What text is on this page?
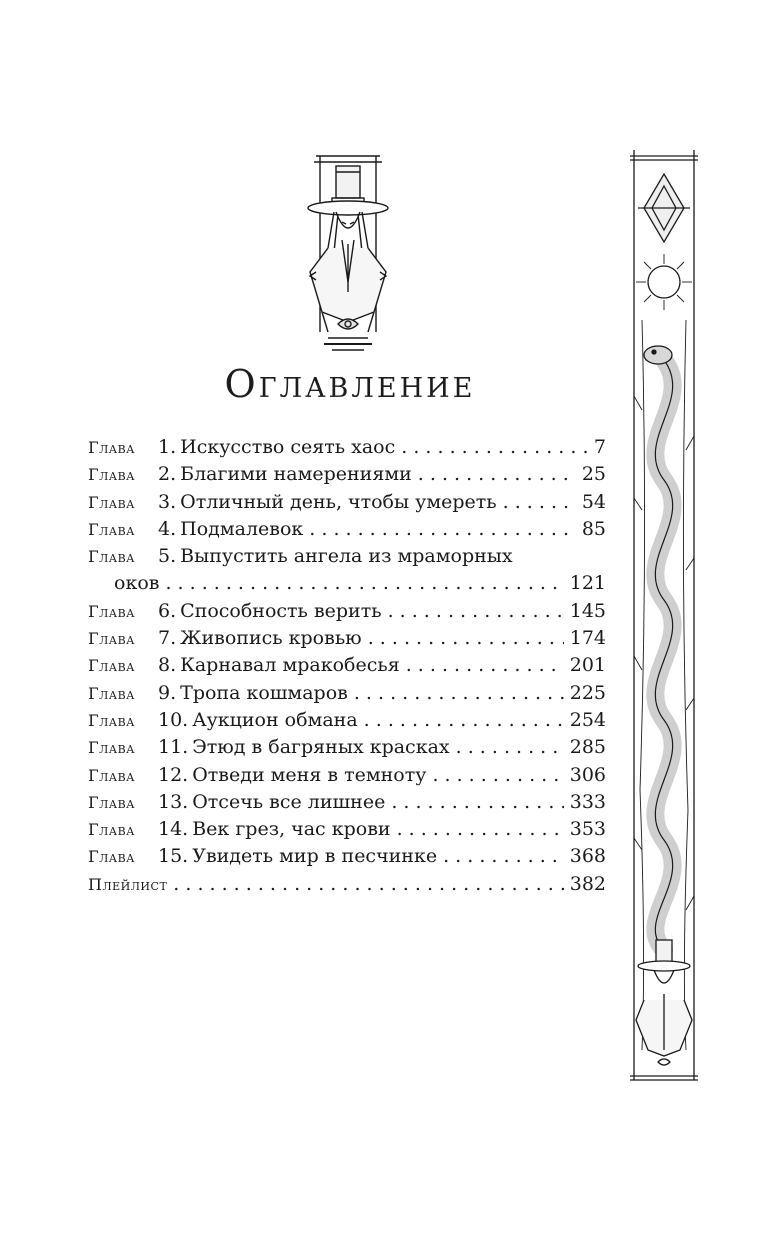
Оглавление
Глава	1. Искусство сеять хаос . . .	7
Глава	2. Благими намерениями . . .	25
Глава	3. Отличный день, чтобы умереть . . .	54
Глава	4. Подмалевок . . .	85
Глава	5. Выпустить ангела из мраморных
оков . . .	121
Глава	6. Способность верить . . .	145
Глава	7. Живопись кровью . . .	174
Глава	8. Карнавал мракобесья . . .	201
Глава	9. Тропа кошмаров . . .	225
Глава	10. Аукцион обмана . . .	254
Глава	11. Этюд в багряных красках . . .	285
Глава	12. Отведи меня в темноту . . .	306
Глава	13. Отсечь все лишнее . . .	333
Глава	14. Век грез, час крови . . .	353
Глава	15. Увидеть мир в песчинке . . .	368
Плейлист . . .	382
